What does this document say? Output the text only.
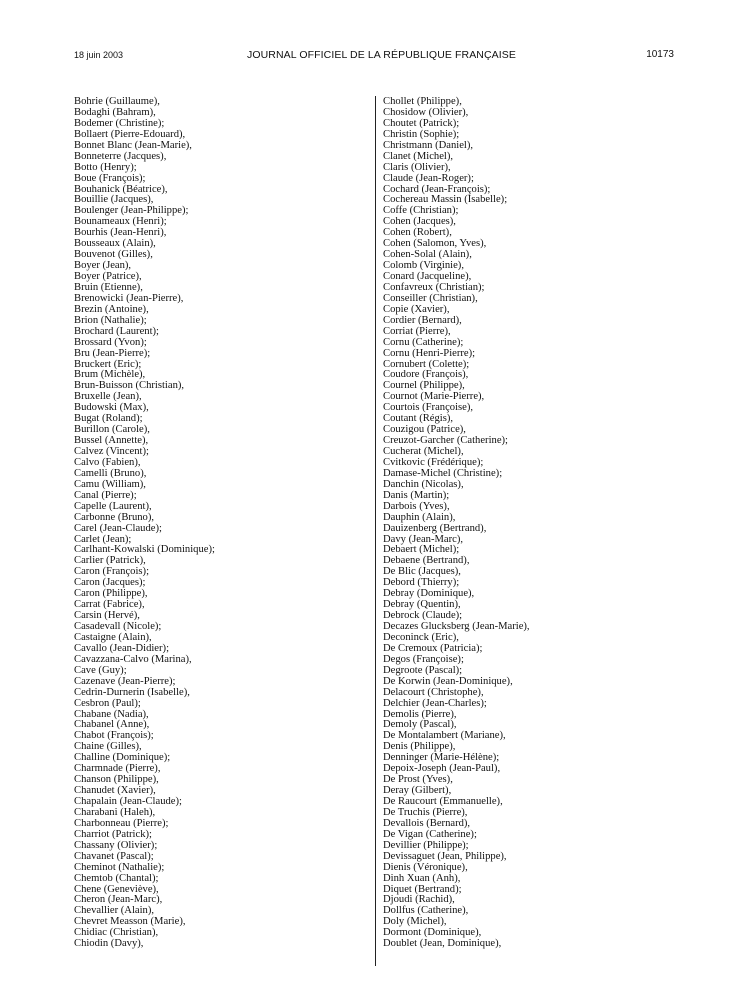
18 juin 2003	JOURNAL OFFICIEL DE LA RÉPUBLIQUE FRANÇAISE	10173
Bohrie (Guillaume),
Bodaghi (Bahram),
Bodemer (Christine);
Bollaert (Pierre-Edouard),
Bonnet Blanc (Jean-Marie),
Bonneterre (Jacques),
Botto (Henry);
Boue (François);
Bouhanick (Béatrice),
Bouillie (Jacques),
Boulenger (Jean-Philippe);
Bounameaux (Henri);
Bourhis (Jean-Henri),
Bousseaux (Alain),
Bouvenot (Gilles),
Boyer (Jean),
Boyer (Patrice),
Bruin (Etienne),
Brenowicki (Jean-Pierre),
Brezin (Antoine),
Brion (Nathalie);
Brochard (Laurent);
Brossard (Yvon);
Bru (Jean-Pierre);
Bruckert (Eric);
Brum (Michèle),
Brun-Buisson (Christian),
Bruxelle (Jean),
Budowski (Max),
Bugat (Roland);
Burillon (Carole),
Bussel (Annette),
Calvez (Vincent);
Calvo (Fabien),
Camelli (Bruno),
Camu (William),
Canal (Pierre);
Capelle (Laurent),
Carbonne (Bruno),
Carel (Jean-Claude);
Carlet (Jean);
Carlhant-Kowalski (Dominique);
Carlier (Patrick),
Caron (François);
Caron (Jacques);
Caron (Philippe),
Carrat (Fabrice),
Carsin (Hervé),
Casadevall (Nicole);
Castaigne (Alain),
Cavallo (Jean-Didier);
Cavazzana-Calvo (Marina),
Cave (Guy);
Cazenave (Jean-Pierre);
Cedrin-Durnerin (Isabelle),
Cesbron (Paul);
Chabane (Nadia),
Chabanel (Anne),
Chabot (François);
Chaine (Gilles),
Challine (Dominique);
Charmnade (Pierre),
Chanson (Philippe),
Chanudet (Xavier),
Chapalain (Jean-Claude);
Charabani (Haleh),
Charbonneau (Pierre);
Charriot (Patrick);
Chassany (Olivier);
Chavanet (Pascal);
Cheminot (Nathalie);
Chemtob (Chantal);
Chene (Geneviève),
Cheron (Jean-Marc),
Chevallier (Alain),
Chevret Measson (Marie),
Chidiac (Christian),
Chiodin (Davy),
Chollet (Philippe),
Chosidow (Olivier),
Choutet (Patrick);
Christin (Sophie);
Christmann (Daniel),
Clanet (Michel),
Claris (Olivier),
Claude (Jean-Roger);
Cochard (Jean-François);
Cochereau Massin (Isabelle);
Coffe (Christian);
Cohen (Jacques),
Cohen (Robert),
Cohen (Salomon, Yves),
Cohen-Solal (Alain),
Colomb (Virginie),
Conard (Jacqueline),
Confavreux (Christian);
Conseiller (Christian),
Copie (Xavier),
Cordier (Bernard),
Corriat (Pierre),
Cornu (Catherine);
Cornu (Henri-Pierre);
Cornubert (Colette);
Coudore (François),
Cournel (Philippe),
Cournot (Marie-Pierre),
Courtois (Françoise),
Coutant (Régis),
Couzigou (Patrice),
Creuzot-Garcher (Catherine);
Cucherat (Michel),
Cvitkovic (Frédérique);
Damase-Michel (Christine);
Danchin (Nicolas),
Danis (Martin);
Darbois (Yves),
Dauphin (Alain),
Dauizenberg (Bertrand),
Davy (Jean-Marc),
Debaert (Michel);
Debaene (Bertrand),
De Blic (Jacques),
Debord (Thierry);
Debray (Dominique),
Debray (Quentin),
Debrock (Claude);
Decazes Glucksberg (Jean-Marie),
Deconinck (Eric),
De Cremoux (Patricia);
Degos (Françoise);
Degroote (Pascal);
De Korwin (Jean-Dominique),
Delacourt (Christophe),
Delchier (Jean-Charles);
Demolis (Pierre),
Demoly (Pascal),
De Montalambert (Mariane),
Denis (Philippe),
Denninger (Marie-Hélène);
Depoix-Joseph (Jean-Paul),
De Prost (Yves),
Deray (Gilbert),
De Raucourt (Emmanuelle),
De Truchis (Pierre),
Devallois (Bernard),
De Vigan (Catherine);
Devillier (Philippe);
Devissaguet (Jean, Philippe),
Dienis (Véronique),
Dinh Xuan (Anh),
Diquet (Bertrand);
Djoudi (Rachid),
Dollfus (Catherine),
Doly (Michel),
Dormont (Dominique),
Doublet (Jean, Dominique),
